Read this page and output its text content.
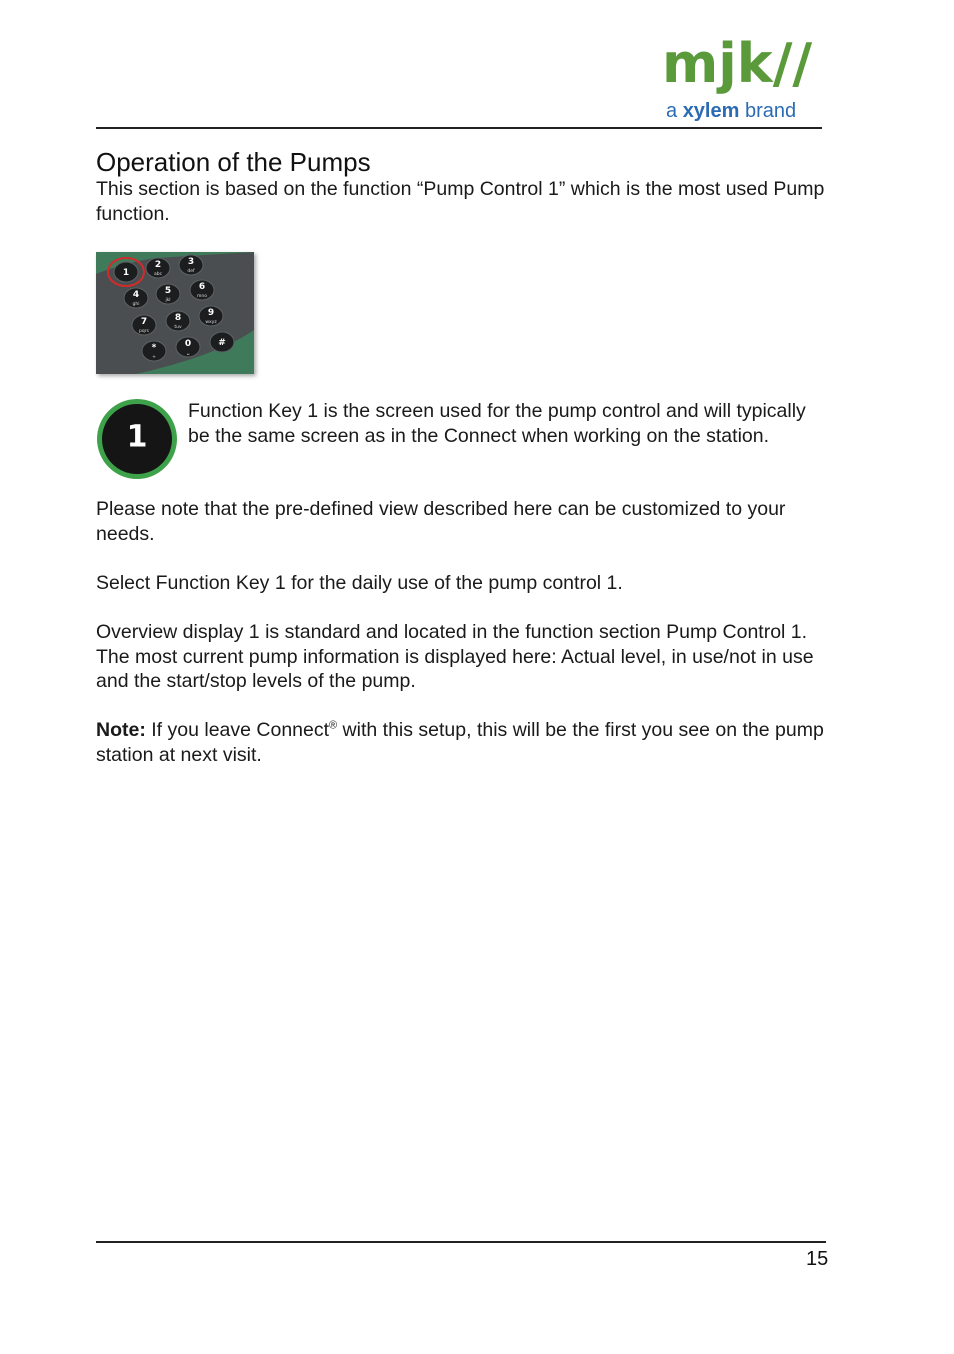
mjk//
a xylem brand
Operation of the Pumps

This section is based on the function “Pump Control 1” which is the most used Pump function.

1
2
abc
3
def
4
ghi
5
jkl
6
mno
7
pqrs
8
tuv
9
wxyz
*
+
0
␣
#
1

Function Key 1 is the screen used for the pump control and will typically be the same screen as in the Connect when working on the station.

Please note that the pre-defined view described here can be customized to your needs.

Select Function Key 1 for the daily use of the pump control 1.

Overview display 1 is standard and located in the function section Pump Control 1. The most current pump information is displayed here: Actual level, in use/not in use and the start/stop levels of the pump.

Note: If you leave Connect® with this setup, this will be the first you see on the pump station at next visit.

15
